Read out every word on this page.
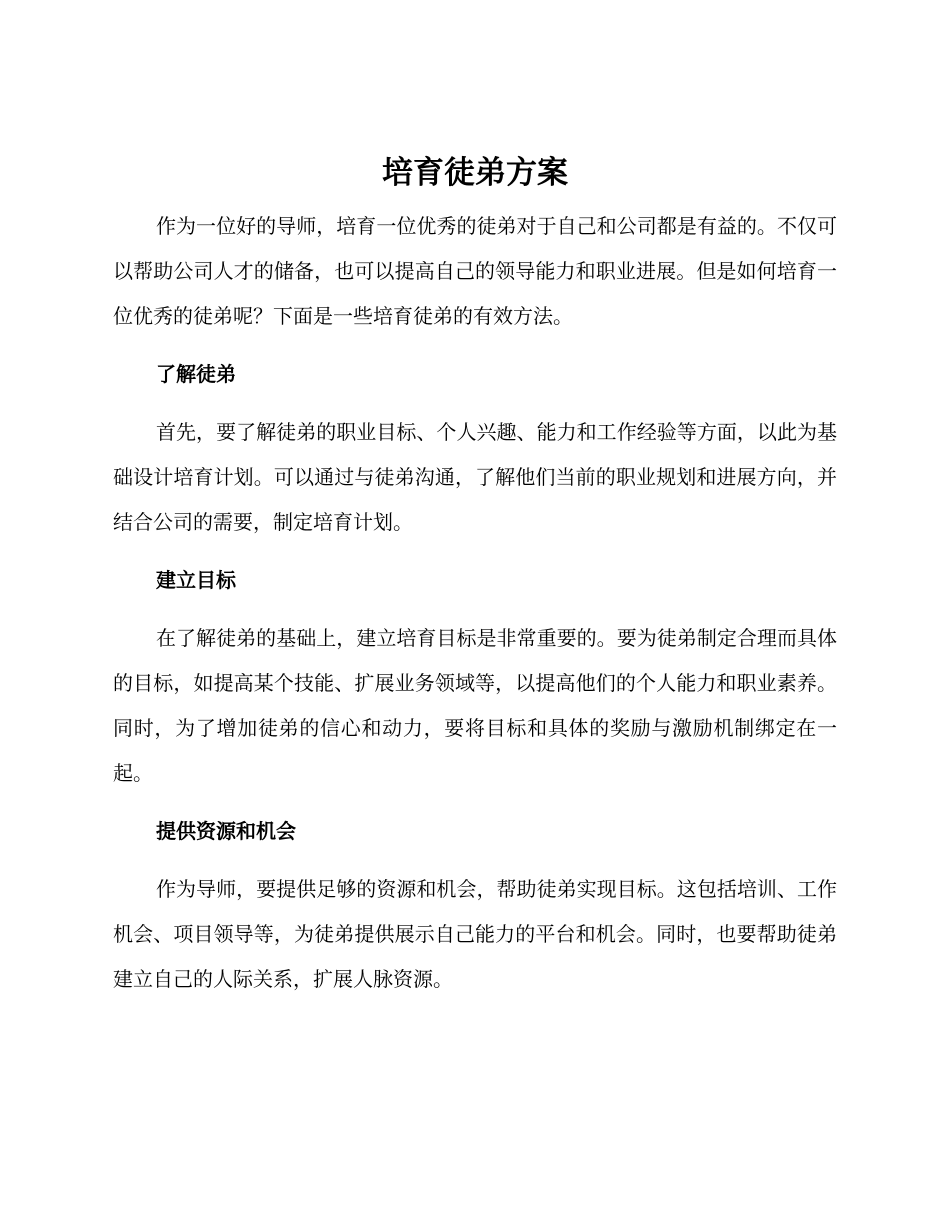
培育徒弟方案

作为一位好的导师，培育一位优秀的徒弟对于自己和公司都是有益的。不仅可以帮助公司人才的储备，也可以提高自己的领导能力和职业进展。但是如何培育一位优秀的徒弟呢？下面是一些培育徒弟的有效方法。

了解徒弟

首先，要了解徒弟的职业目标、个人兴趣、能力和工作经验等方面，以此为基础设计培育计划。可以通过与徒弟沟通，了解他们当前的职业规划和进展方向，并结合公司的需要，制定培育计划。

建立目标

在了解徒弟的基础上，建立培育目标是非常重要的。要为徒弟制定合理而具体的目标，如提高某个技能、扩展业务领域等，以提高他们的个人能力和职业素养。同时，为了增加徒弟的信心和动力，要将目标和具体的奖励与激励机制绑定在一起。

提供资源和机会

作为导师，要提供足够的资源和机会，帮助徒弟实现目标。这包括培训、工作机会、项目领导等，为徒弟提供展示自己能力的平台和机会。同时，也要帮助徒弟建立自己的人际关系，扩展人脉资源。
